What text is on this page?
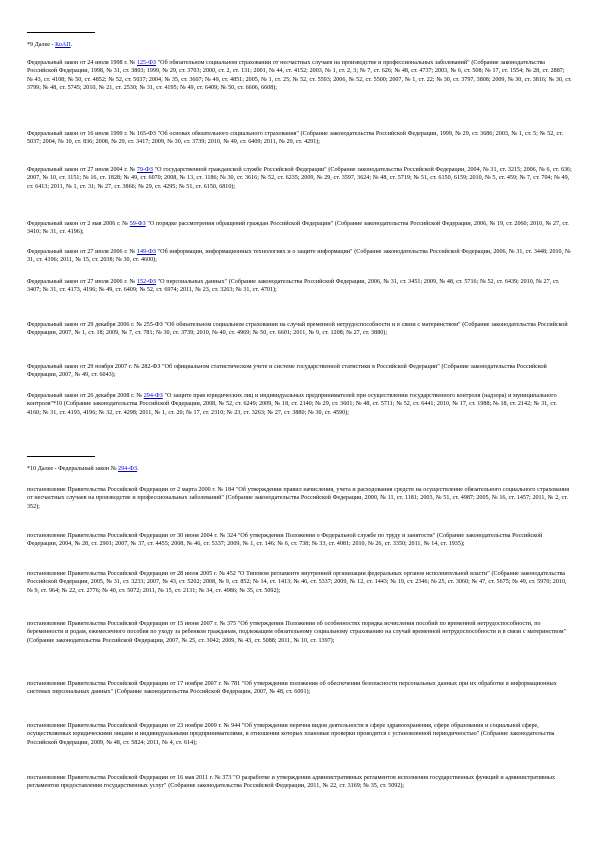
*9 Далее - КоАП.

Федеральный закон от 24 июля 1998 г. № 125-ФЗ "Об обязательном социальном страховании от несчастных случаев на производстве и профессиональных заболеваний" (Собрание законодательства Российской Федерации, 1998, № 31, ст. 3803; 1999, № 29, ст. 3703; 2000, ст. 2, ст. 131; 2001, № 44, ст. 4152; 2003, № 1, ст. 2, 3; № 7, ст. 626; № 48, ст. 4737; 2003, № 6, ст. 508; № 17, ст. 1554; № 28, ст. 2887; № 43, ст. 4108; № 50, ст. 4852; № 52, ст. 5037; 2004, № 35, ст. 3607; № 49, ст. 4851; 2005, № 1, ст. 25; № 52, ст. 5593; 2006, № 52, ст. 5500; 2007, № 1, ст. 22; № 30, ст. 3797, 3808; 2009, № 30, ст. 3816; № 30, ст. 3799; № 48, ст. 5745; 2010, № 21, ст. 2530; № 31, ст. 4195; № 49, ст. 6409; № 50, ст. 6606, 6608);

Федеральный закон от 16 июля 1999 г. № 165-ФЗ "Об основах обязательного социального страхования" (Собрание законодательства Российской Федерации, 1999, № 29, ст. 3686; 2003, № 1, ст. 5; № 52, ст. 5037; 2004, № 10, ст. 836; 2008, № 29, ст. 3417; 2009, № 30, ст. 3739; 2010, № 49, ст. 6409; 2011, № 29, ст. 4291);

Федеральный закон от 27 июля 2004 г. № 79-ФЗ "О государственной гражданской службе Российской Федерации" (Собрание законодательства Российской Федерации, 2004, № 31, ст. 3215; 2006, № 6, ст. 636; 2007, № 10, ст. 1151; № 16, ст. 1828; № 49, ст. 6070; 2008, № 13, ст. 1186; № 30, ст. 3616; № 52, ст. 6235; 2009, № 29, ст. 3597, 3624; № 48, ст. 5719; № 51, ст. 6150, 6159; 2010, № 5, ст. 459; № 7, ст. 704; № 49, ст. 6413; 2011, № 1, ст. 31; № 27, ст. 3866; № 29, ст. 4295; № 51, ст. 6150, 6810);

Федеральный закон от 2 мая 2006 г. № 59-ФЗ "О порядке рассмотрения обращений граждан Российской Федерации" (Собрание законодательства Российской Федерации, 2006, № 19, ст. 2060; 2010, № 27, ст. 3410; № 31, ст. 4196);

Федеральный закон от 27 июля 2006 г. № 149-ФЗ "Об информации, информационных технологиях и о защите информации" (Собрание законодательства Российской Федерации, 2006, № 31, ст. 3448; 2010, № 31, ст. 4196; 2011, № 15, ст. 2038; № 30, ст. 4600);

Федеральный закон от 27 июля 2006 г. № 152-ФЗ "О персональных данных" (Собрание законодательства Российской Федерации, 2006, № 31, ст. 3451; 2009, № 48, ст. 5716; № 52, ст. 6439; 2010, № 27, ст. 3407; № 31, ст. 4173, 4196; № 49, ст. 6409; № 52, ст. 6974; 2011, № 23, ст. 3263; № 31, ст. 4701);

Федеральный закон от 29 декабря 2006 г. № 255-ФЗ "Об обязательном социальном страховании на случай временной нетрудоспособности и в связи с материнством" (Собрание законодательства Российской Федерации, 2007, № 1, ст. 18; 2009, № 7, ст. 781; № 30, ст. 3739; 2010, № 40, ст. 4969; № 50, ст. 6601; 2011, № 9, ст. 1208; № 27, ст. 3880);

Федеральный закон от 29 ноября 2007 г. № 282-ФЗ "Об официальном статистическом учете и системе государственной статистики в Российской Федерации" (Собрание законодательства Российской Федерации, 2007, № 49, ст. 6043);

Федеральный закон от 26 декабря 2008 г. № 294-ФЗ "О защите прав юридических лиц и индивидуальных предпринимателей при осуществлении государственного контроля (надзора) и муниципального контроля"*10 (Собрание законодательства Российской Федерации, 2008, № 52, ст. 6249; 2009, № 18, ст. 2140; № 29, ст. 3601; № 48, ст. 5711; № 52, ст. 6441; 2010, № 17, ст. 1988; № 18, ст. 2142; № 31, ст. 4160; № 31, ст. 4193, 4196; № 32, ст. 4298; 2011, № 1, ст. 20; № 17, ст. 2310; № 23, ст. 3263; № 27, ст. 3880; № 30, ст. 4590);

*10 Далее - Федеральный закон № 294-ФЗ.

постановление Правительства Российской Федерации от 2 марта 2000 г. № 184 "Об утверждении правил начисления, учета и расходования средств на осуществление обязательного социального страхования от несчастных случаев на производстве и профессиональных заболеваний" (Собрание законодательства Российской Федерации, 2000, № 11, ст. 1181; 2003, № 51, ст. 4987; 2005, № 16, ст. 1457; 2011, № 2, ст. 352);

постановление Правительства Российской Федерации от 30 июня 2004 г. № 324 "Об утверждении Положения о Федеральной службе по труду и занятости" (Собрание законодательства Российской Федерации, 2004, № 28, ст. 2901; 2007, № 37, ст. 4455; 2008, № 46, ст. 5337; 2009, № 1, ст. 146; № 6, ст. 738; № 33, ст. 4081; 2010, № 26, ст. 3350; 2011, № 14, ст. 1935);

постановление Правительства Российской Федерации от 28 июля 2005 г. № 452 "О Типовом регламенте внутренней организации федеральных органов исполнительной власти" (Собрание законодательства Российской Федерации, 2005, № 31, ст. 3233; 2007, № 43, ст. 5202; 2008, № 9, ст. 852; № 14, ст. 1413; № 46, ст. 5337; 2009, № 12, ст. 1443; № 19, ст. 2346; № 25, ст. 3060; № 47, ст. 5675; № 49, ст. 5970; 2010, № 9, ст. 964; № 22, ст. 2776; № 40, ст. 5072; 2011, № 15, ст. 2131; № 34, ст. 4986; № 35, ст. 5092);

постановление Правительства Российской Федерации от 15 июня 2007 г. № 375 "Об утверждении Положения об особенностях порядка исчисления пособий по временной нетрудоспособности, по беременности и родам, ежемесячного пособия по уходу за ребенком гражданам, подлежащим обязательному социальному страхованию на случай временной нетрудоспособности и в связи с материнством" (Собрание законодательства Российской Федерации, 2007, № 25, ст. 3042; 2009, № 43, ст. 5088; 2011, № 10, ст. 1397);

постановление Правительства Российской Федерации от 17 ноября 2007 г. № 781 "Об утверждении положения об обеспечении безопасности персональных данных при их обработке в информационных системах персональных данных" (Собрание законодательства Российской Федерации, 2007, № 48, ст. 6001);

постановление Правительства Российской Федерации от 23 ноября 2009 г. № 944 "Об утверждении перечня видов деятельности в сфере здравоохранения, сфере образования и социальной сфере, осуществляемых юридическими лицами и индивидуальными предпринимателями, в отношении которых плановые проверки проводятся с установленной периодичностью" (Собрание законодательства Российской Федерации, 2009, № 48, ст. 5824; 2011, № 4, ст. 614);

постановление Правительства Российской Федерации от 16 мая 2011 г. № 373 "О разработке и утверждении административных регламентов исполнения государственных функций и административных регламентов предоставления государственных услуг" (Собрание законодательства Российской Федерации, 2011, № 22, ст. 3169; № 35, ст. 5092);
